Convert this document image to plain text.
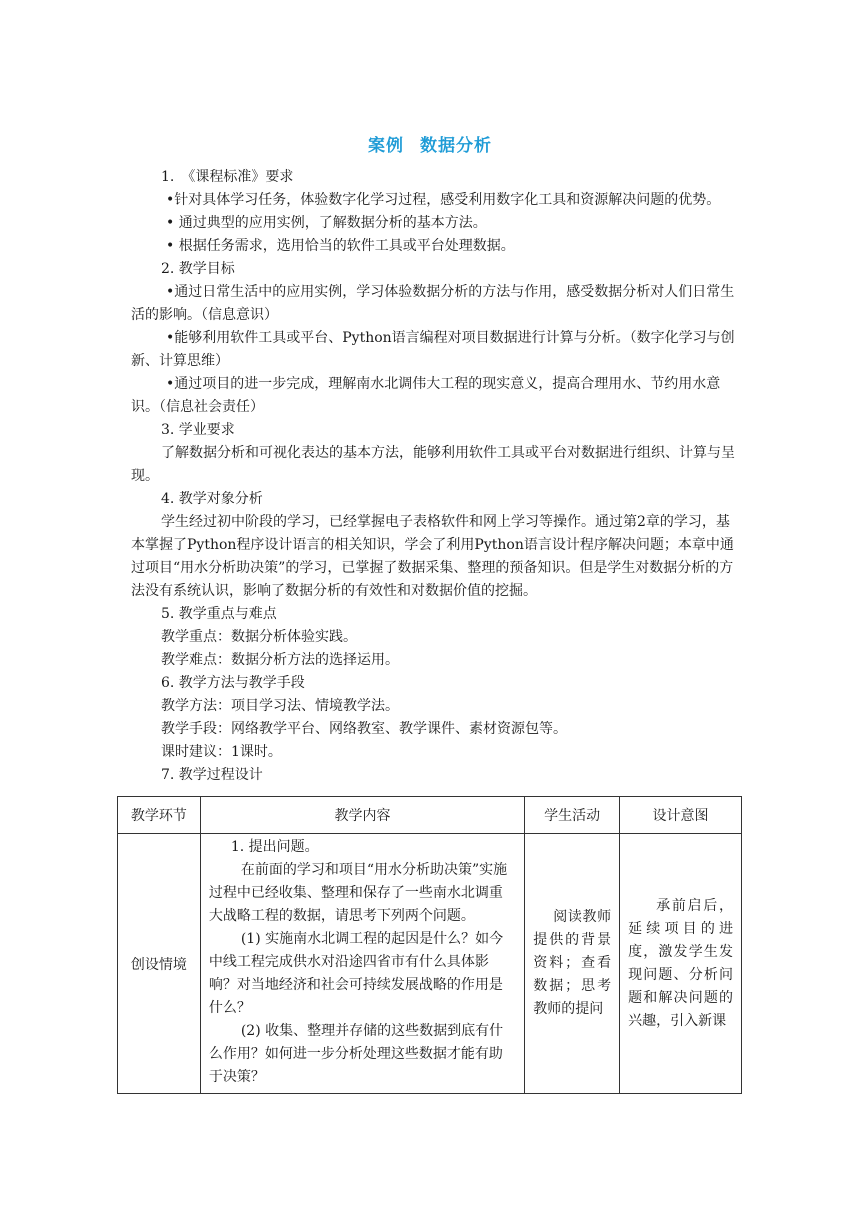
案例 数据分析

1.　《课程标准》要求

•针对具体学习任务，体验数字化学习过程，感受利用数字化工具和资源解决问题的优势。

• 通过典型的应用实例，了解数据分析的基本方法。

• 根据任务需求，选用恰当的软件工具或平台处理数据。

2. 教学目标

•通过日常生活中的应用实例，学习体验数据分析的方法与作用，感受数据分析对人们日常生活的影响。（信息意识）

•能够利用软件工具或平台、Python语言编程对项目数据进行计算与分析。（数字化学习与创新、计算思维）

•通过项目的进一步完成，理解南水北调伟大工程的现实意义，提高合理用水、节约用水意识。（信息社会责任）

3. 学业要求

了解数据分析和可视化表达的基本方法，能够利用软件工具或平台对数据进行组织、计算与呈现。

4. 教学对象分析

学生经过初中阶段的学习，已经掌握电子表格软件和网上学习等操作。通过第2章的学习，基本掌握了Python程序设计语言的相关知识，学会了利用Python语言设计程序解决问题；本章中通过项目“用水分析助决策”的学习，已掌握了数据采集、整理的预备知识。但是学生对数据分析的方法没有系统认识，影响了数据分析的有效性和对数据价值的挖掘。

5. 教学重点与难点

教学重点：数据分析体验实践。

教学难点：数据分析方法的选择运用。

6. 教学方法与教学手段

教学方法：项目学习法、情境教学法。

教学手段：网络教学平台、网络教室、教学课件、素材资源包等。

课时建议：1课时。

7. 教学过程设计

教学环节	教学内容	学生活动	设计意图
创设情境	1. 提出问题。

在前面的学习和项目“用水分析助决策”实施过程中已经收集、整理和保存了一些南水北调重大战略工程的数据，请思考下列两个问题。

(1) 实施南水北调工程的起因是什么？如今中线工程完成供水对沿途四省市有什么具体影响？对当地经济和社会可持续发展战略的作用是什么？

(2) 收集、整理并存储的这些数据到底有什么作用？如何进一步分析处理这些数据才能有助于决策？	阅读教师提供的背景资料；查看数据；思考教师的提问	承前启后，延续项目的进度，激发学生发现问题、分析问题和解决问题的兴趣，引入新课
